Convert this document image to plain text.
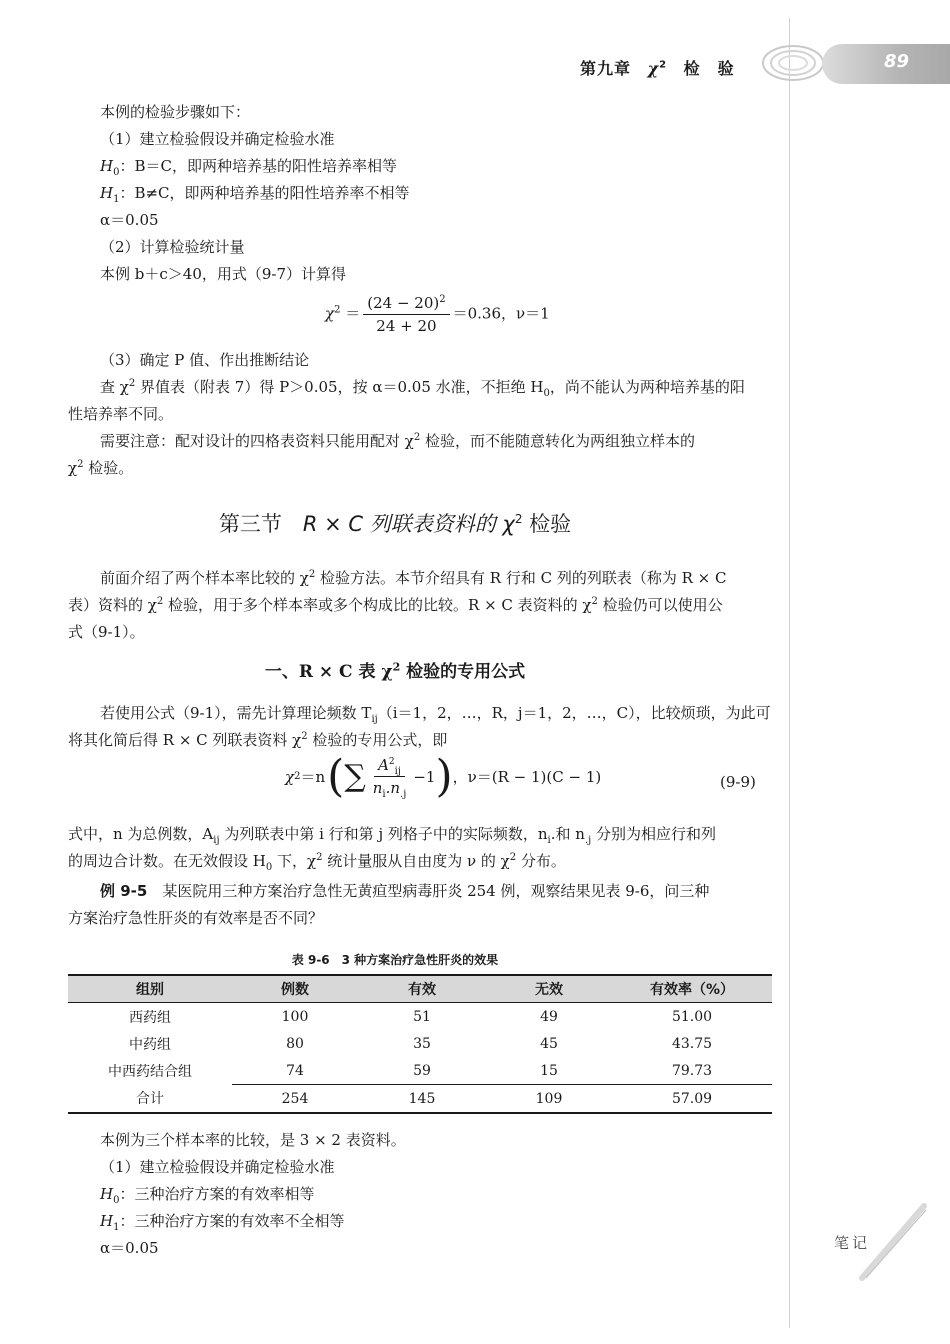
第九章 $\chi^2$ 检　验	89
本例的检验步骤如下：
（1）建立检验假设并确定检验水准
$H_0$：B＝C，即两种培养基的阳性培养率相等
$H_1$：B≠C，即两种培养基的阳性培养率不相等
α＝0.05
（2）计算检验统计量
本例 b＋c＞40，用式（9-7）计算得
$\chi^2 = \frac{(24 - 20)^2}{24 + 20} =0.36$，ν＝1
（3）确定 P 值、作出推断结论
查 $\chi^2$ 界值表（附表 7）得 P＞0.05，按 α＝0.05 水准，不拒绝 $H_0$，尚不能认为两种培养基的阳
性培养率不同。
需要注意：配对设计的四格表资料只能用配对 $\chi^2$ 检验，而不能随意转化为两组独立样本的
$\chi^2$ 检验。
第三节　R × C 列联表资料的 $\chi^2$ 检验
前面介绍了两个样本率比较的 $\chi^2$ 检验方法。本节介绍具有 R 行和 C 列的列联表（称为 R × C
表）资料的 $\chi^2$ 检验，用于多个样本率或多个构成比的比较。R × C 表资料的 $\chi^2$ 检验仍可以使用公
式（9-1）。
一、R × C 表 $\chi^2$ 检验的专用公式
若使用公式（9-1），需先计算理论频数 $T_{ij}(i=1$，2，…，R，j＝1，2，…，C），比较烦琐，为此可
将其化简后得 R × C 列联表资料 $\chi^2$ 检验的专用公式，即
χ 2 ＝n ( ∑ $\frac{A^2_{ij}}{n_i.n_{.j}} -1$ ) ，ν＝(R − 1)(C − 1)	(9-9)
式中，n 为总例数，$A_{ij}$ 为列联表中第 i 行和第 j 列格子中的实际频数，$n_i$.和 $n_{.j}$ 分别为相应行和列
的周边合计数。在无效假设 $H_0$ 下，$\chi^2$ 统计量服从自由度为 ν 的 $\chi^2$ 分布。
例 9-5　某医院用三种方案治疗急性无黄疸型病毒肝炎 254 例，观察结果见表 9-6，问三种
方案治疗急性肝炎的有效率是否不同？
表 9-6　3 种方案治疗急性肝炎的效果
组别	例数	有效	无效	有效率（%）
西药组	100	51	49	51.00
中药组	80	35	45	43.75
中西药结合组	74	59	15	79.73
合计	254	145	109	57.09
本例为三个样本率的比较，是 3 × 2 表资料。
（1）建立检验假设并确定检验水准
$H_0$：三种治疗方案的有效率相等
$H_1$：三种治疗方案的有效率不全相等
α＝0.05	笔记
